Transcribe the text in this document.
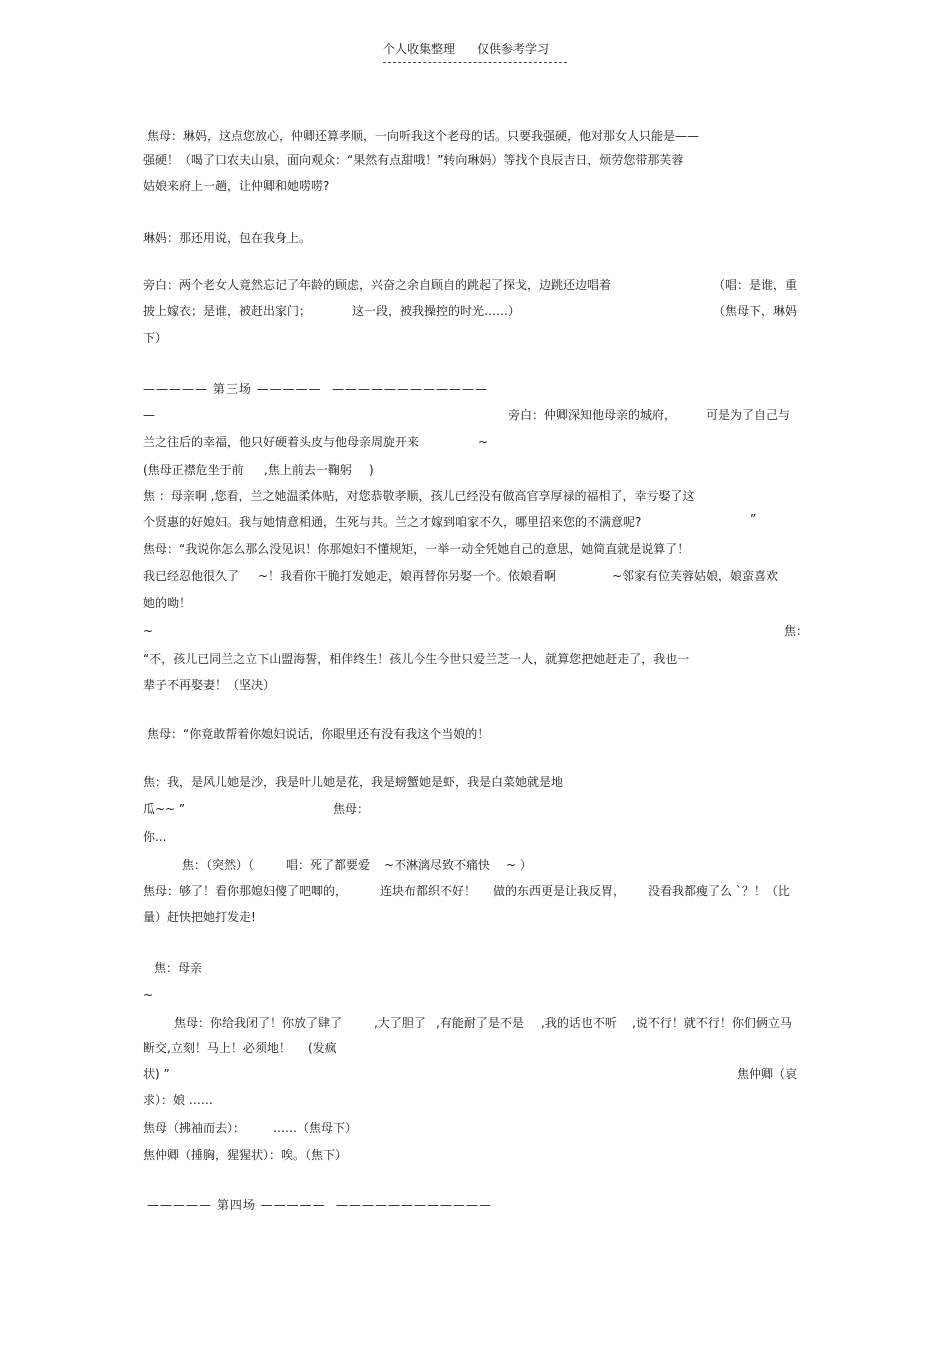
个人收集整理 仅供参考学习
焦母：琳妈，这点您放心，仲卿还算孝顺，一向听我这个老母的话。只要我强硬，他对那女人只能是——
强硬！（喝了口农夫山泉，面向观众：“果然有点甜哦！”转向琳妈）等找个良辰吉日，烦劳您带那芙蓉
姑娘来府上一趟，让仲卿和她唠唠?
琳妈：那还用说，包在我身上。
旁白：两个老女人竟然忘记了年龄的顾虑，兴奋之余自顾自的跳起了探戈，边跳还边唱着	（唱：是谁，重
披上嫁衣；是谁，被赶出家门；	这一段，被我操控的时光……）	（焦母下，琳妈
下）
————— 第三场 ————— ————————————
—	旁白：仲卿深知他母亲的城府， 可是为了自己与
兰之往后的幸福，他只好硬着头皮与他母亲周旋开来	~
(焦母正襟危坐于前 ,焦上前去一鞠躬 )
焦 ：母亲啊 ,您看，兰之她温柔体贴，对您恭敬孝顺，孩儿已经没有做高官享厚禄的福相了，幸亏娶了这
个贤惠的好媳妇。我与她情意相通，生死与共。兰之才嫁到咱家不久，哪里招来您的不满意呢?	”
焦母：“我说你怎么那么没见识！你那媳妇不懂规矩，一举一动全凭她自己的意思，她简直就是说算了！
我已经忍他很久了 ~！我看你干脆打发她走，娘再替你另娶一个。依娘看啊	~邻家有位芙蓉姑娘，娘蛮喜欢
她的呦！
~	焦：
“不，孩儿已同兰之立下山盟海誓，相伴终生！孩儿今生今世只爱兰芝一人，就算您把她赶走了，我也一
辈子不再娶妻！（坚决）
焦母：“你竟敢帮着你媳妇说话，你眼里还有没有我这个当娘的！
焦：我，是风儿她是沙，我是叶儿她是花，我是螃蟹她是虾，我是白菜她就是地
瓜~~ ”	焦母：
你...
焦：（突然）（	唱：死了都要爱 ~不淋漓尽致不痛快 ~ ）
焦母：够了！看你那媳妇傻了吧唧的，	连块布都织不好！ 做的东西更是让我反胃， 没看我都瘦了么 `？！（比
量）赶快把她打发走!
焦：母亲
~
焦母：你给我闭了！你放了肆了	,大了胆了 ,有能耐了是不是 ,我的话也不听 ,说不行！就不行！你们俩立马
断交,立刻！马上！必须地！ (发疯
状) ”	焦仲卿（哀
求）：娘 ……
焦母（拂袖而去）： ……（焦母下）
焦仲卿（捶胸，猩猩状）：唉。（焦下）
————— 第四场 ————— ————————————
